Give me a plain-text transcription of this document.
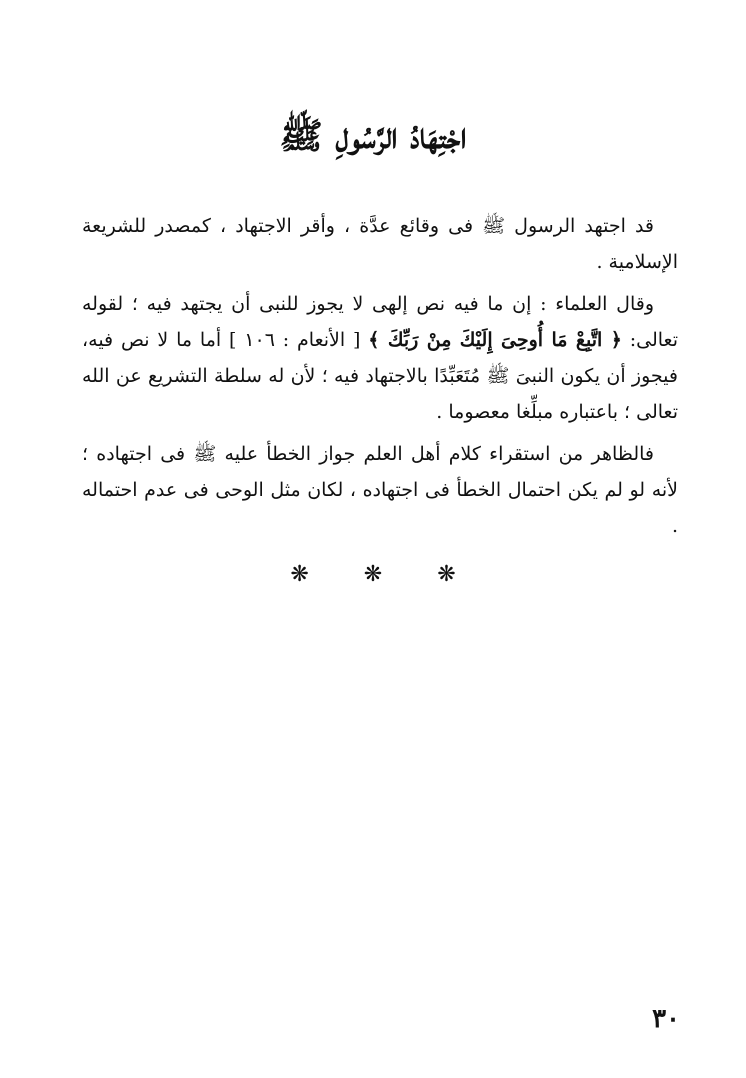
اجْتِهَادُ الرَّسُولِ ﷺ

قد اجتهد الرسول ﷺ فى وقائع عدَّة ، وأقر الاجتهاد ، كمصدر للشريعة الإسلامية .

وقال العلماء : إن ما فيه نص إلهى لا يجوز للنبى أن يجتهد فيه ؛ لقوله تعالى: ﴿ اتَّبِعْ مَا أُوحِىَ إِلَيْكَ مِنْ رَبِّكَ ﴾ [ الأنعام : ١٠٦ ] أما ما لا نص فيه، فيجوز أن يكون النبىَ ﷺ مُتَعَبِّدًا بالاجتهاد فيه ؛ لأن له سلطة التشريع عن الله تعالى ؛ باعتباره مبلِّغا معصوما .

فالظاهر من استقراء كلام أهل العلم جواز الخطأ عليه ﷺ فى اجتهاده ؛ لأنه لو لم يكن احتمال الخطأ فى اجتهاده ، لكان مثل الوحى فى عدم احتماله .

❋	❋	❋
٣٠
